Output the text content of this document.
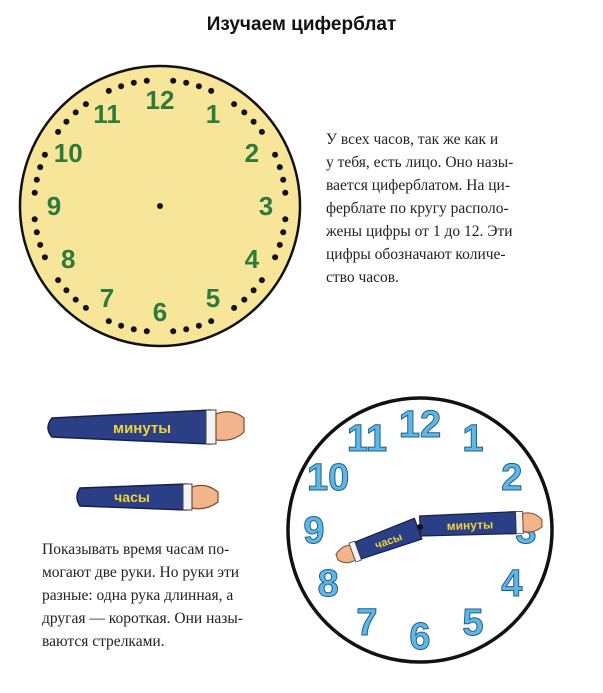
Изучаем циферблат
У всех часов, так же как и
у тебя, есть лицо. Оно назы-
вается циферблатом. На ци-
ферблате по кругу располо-
жены цифры от 1 до 12. Эти
цифры обозначают количе-
ство часов.
Показывать время часам по-
могают две руки. Но руки эти
разные: одна рука длинная, а
другая — короткая. Они назы-
ваются стрелками.
12 1
2
3
4
5
6
7
8
9
10
11
минуты
часы
12 1
2
4
5
6
7
8
9
10
11
часы
минуты
